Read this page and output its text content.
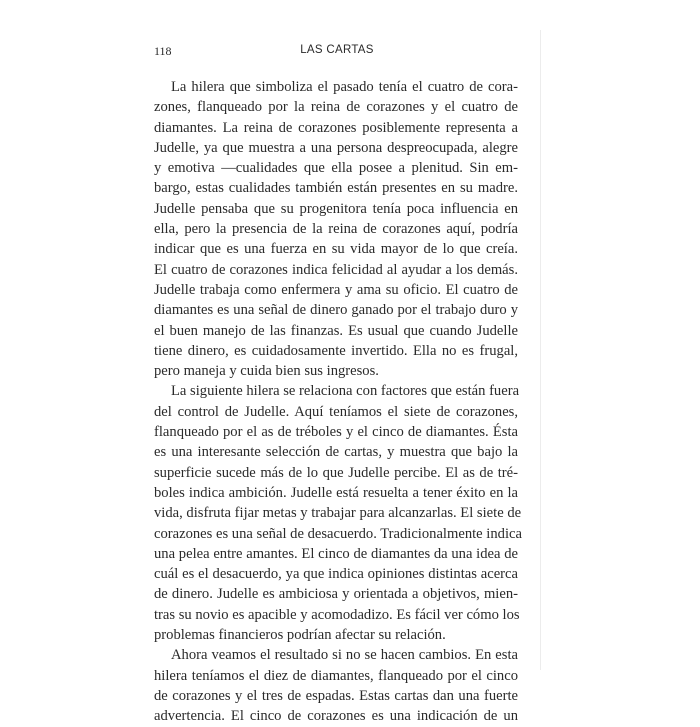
118	LAS CARTAS
La hilera que simboliza el pasado tenía el cuatro de cora-
zones, flanqueado por la reina de corazones y el cuatro de
diamantes. La reina de corazones posiblemente representa a
Judelle, ya que muestra a una persona despreocupada, alegre
y emotiva —cualidades que ella posee a plenitud. Sin em-
bargo, estas cualidades también están presentes en su madre.
Judelle pensaba que su progenitora tenía poca influencia en
ella, pero la presencia de la reina de corazones aquí, podría
indicar que es una fuerza en su vida mayor de lo que creía.
El cuatro de corazones indica felicidad al ayudar a los demás.
Judelle trabaja como enfermera y ama su oficio. El cuatro de
diamantes es una señal de dinero ganado por el trabajo duro y
el buen manejo de las finanzas. Es usual que cuando Judelle
tiene dinero, es cuidadosamente invertido. Ella no es frugal,
pero maneja y cuida bien sus ingresos.
La siguiente hilera se relaciona con factores que están fuera
del control de Judelle. Aquí teníamos el siete de corazones,
flanqueado por el as de tréboles y el cinco de diamantes. Ésta
es una interesante selección de cartas, y muestra que bajo la
superficie sucede más de lo que Judelle percibe. El as de tré-
boles indica ambición. Judelle está resuelta a tener éxito en la
vida, disfruta fijar metas y trabajar para alcanzarlas. El siete de
corazones es una señal de desacuerdo. Tradicionalmente indica
una pelea entre amantes. El cinco de diamantes da una idea de
cuál es el desacuerdo, ya que indica opiniones distintas acerca
de dinero. Judelle es ambiciosa y orientada a objetivos, mien-
tras su novio es apacible y acomodadizo. Es fácil ver cómo los
problemas financieros podrían afectar su relación.
Ahora veamos el resultado si no se hacen cambios. En esta
hilera teníamos el diez de diamantes, flanqueado por el cinco
de corazones y el tres de espadas. Estas cartas dan una fuerte
advertencia. El cinco de corazones es una indicación de un
